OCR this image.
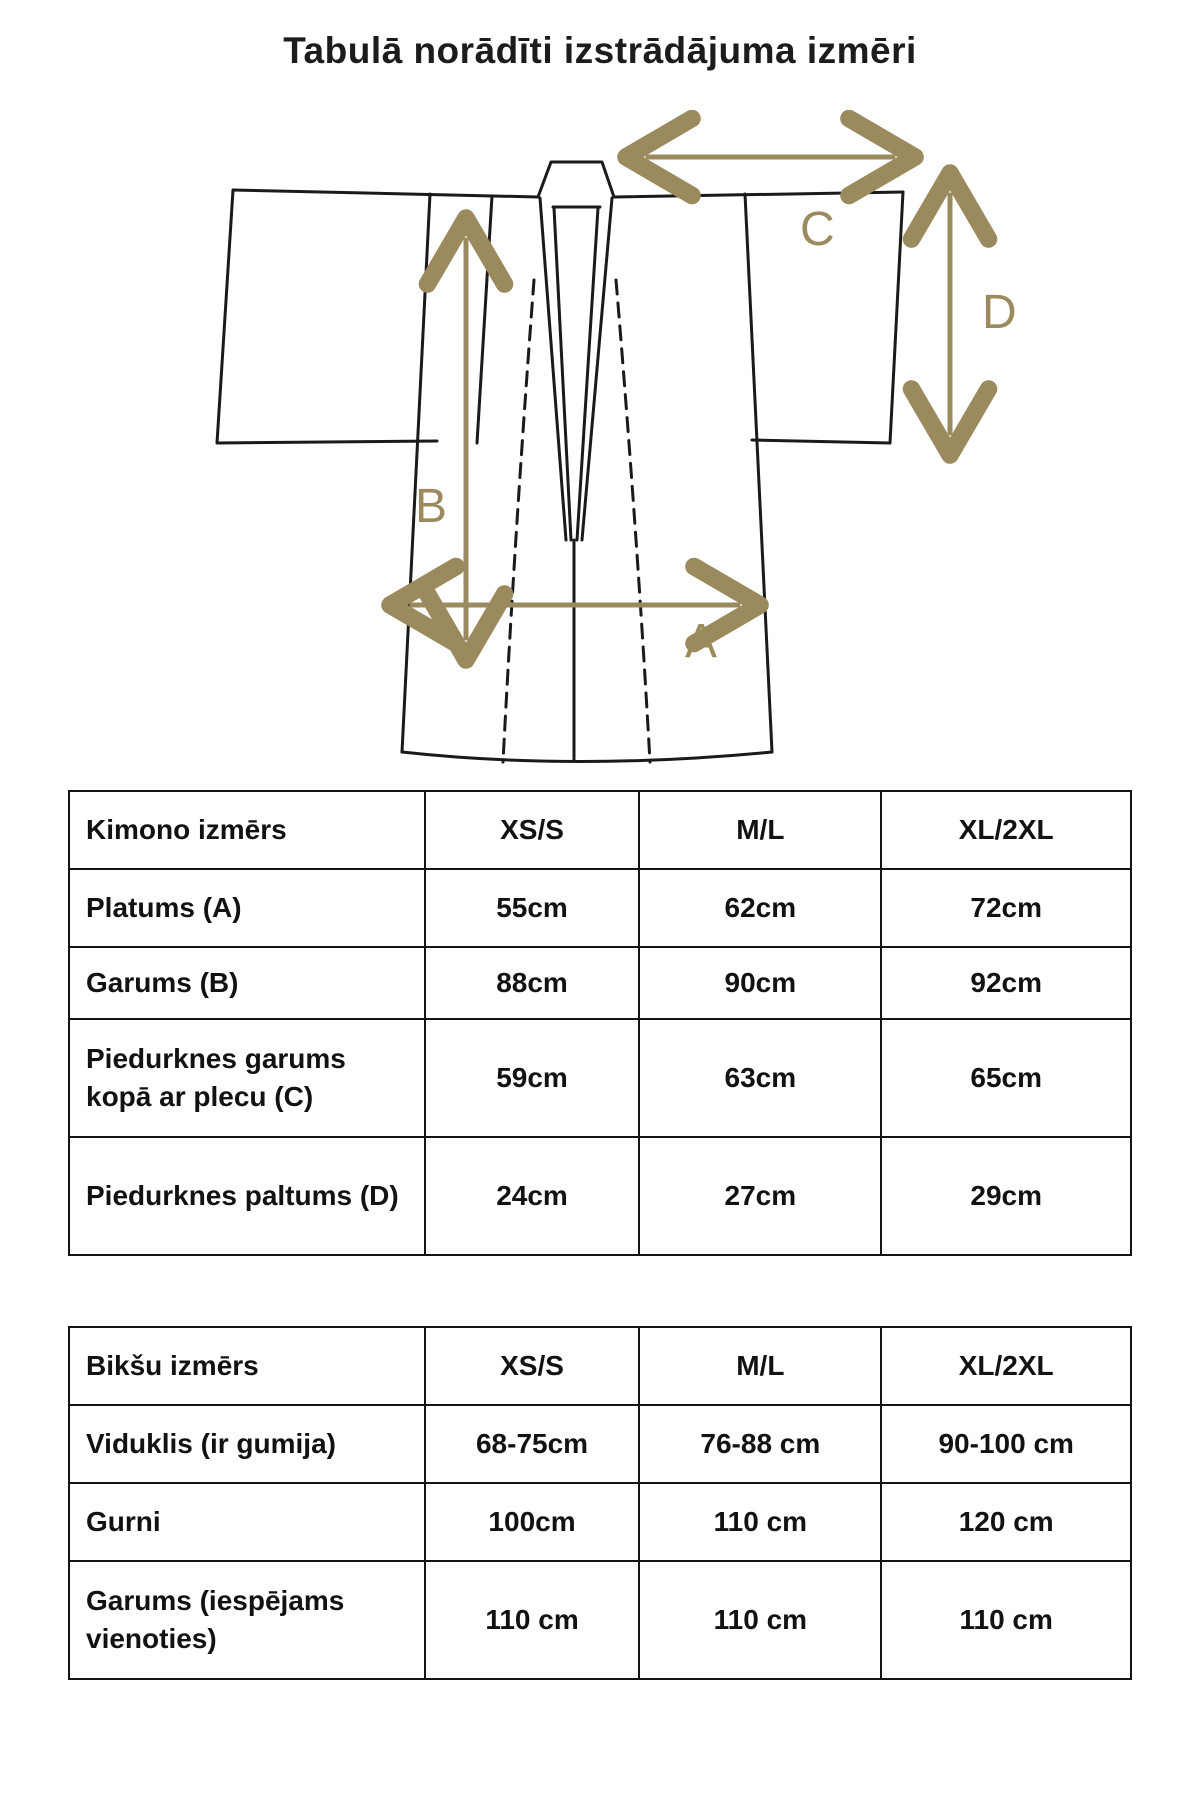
Tabulā norādīti izstrādājuma izmēri
C
D
B
A
Kimono izmērs	XS/S	M/L	XL/2XL
Platums (A)	55cm	62cm	72cm
Garums (B)	88cm	90cm	92cm
Piedurknes garums kopā ar plecu (C)	59cm	63cm	65cm
Piedurknes paltums (D)	24cm	27cm	29cm
Bikšu izmērs	XS/S	M/L	XL/2XL
Viduklis (ir gumija)	68-75cm	76-88 cm	90-100 cm
Gurni	100cm	110 cm	120 cm
Garums (iespējams vienoties)	110 cm	110 cm	110 cm
